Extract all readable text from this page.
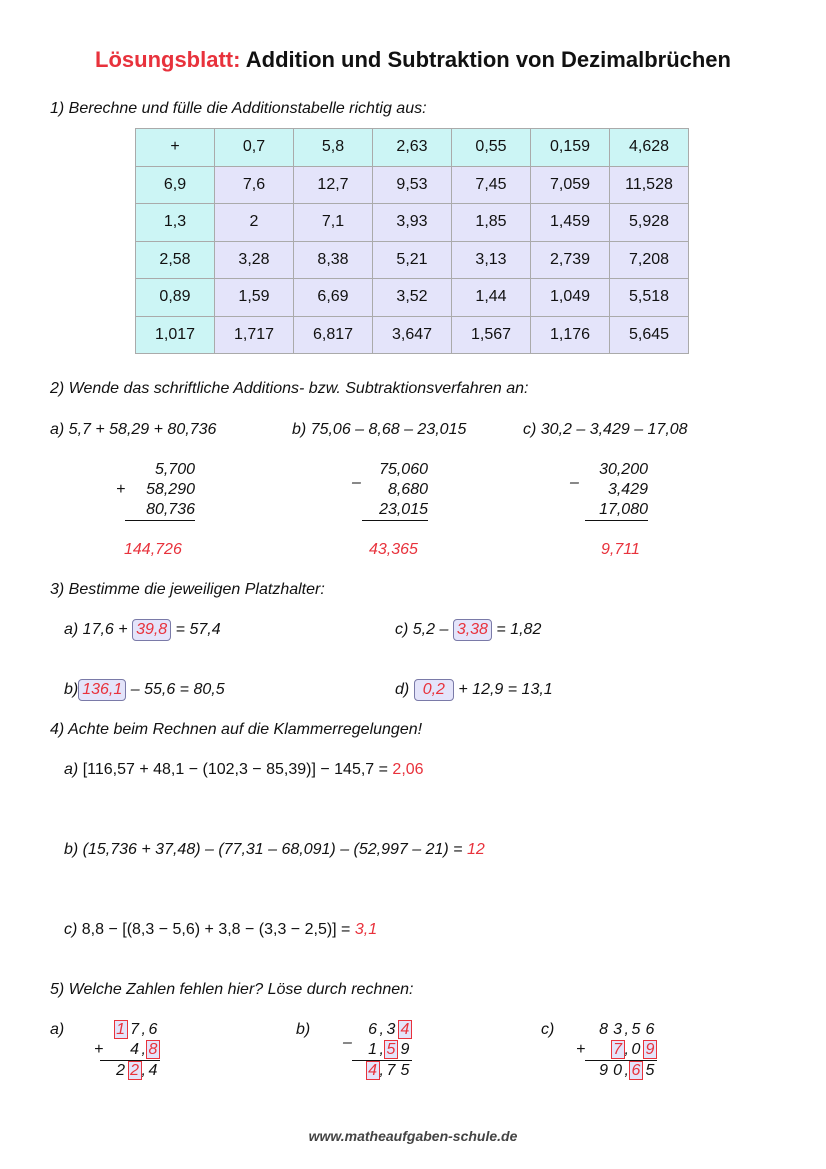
Lösungsblatt: Addition und Subtraktion von Dezimalbrüchen
1) Berechne und fülle die Additionstabelle richtig aus:
+	0,7	5,8	2,63	0,55	0,159	4,628
6,9	7,6	12,7	9,53	7,45	7,059	11,528
1,3	2	7,1	3,93	1,85	1,459	5,928
2,58	3,28	8,38	5,21	3,13	2,739	7,208
0,89	1,59	6,69	3,52	1,44	1,049	5,518
1,017	1,717	6,817	3,647	1,567	1,176	5,645
2) Wende das schriftliche Additions- bzw. Subtraktionsverfahren an:
a) 5,7 + 58,29 + 80,736	b) 75,06 – 8,68 – 23,015	c) 30,2 – 3,429 – 17,08
+
5,700
58,290
80,736
144,726
–
75,060
8,680
23,015
43,365
–
30,200
3,429
17,080
9,711
3) Bestimme die jeweiligen Platzhalter:
a) 17,6 + 39,8 = 57,4	c) 5,2 – 3,38 = 1,82
b) 136,1 – 55,6 = 80,5	d) 0,2 + 12,9 = 13,1
4) Achte beim Rechnen auf die Klammerregelungen!
a) [116,57 + 48,1 − (102,3 − 85,39)] − 145,7 = 2,06
b) (15,736 + 37,48) – (77,31 – 68,091) – (52,997 – 21) = 12
c) 8,8 − [(8,3 − 5,6) + 3,8 − (3,3 − 2,5)] = 3,1
5) Welche Zahlen fehlen hier? Löse durch rechnen:
a)
+
1 7 , 6
4 , 8
2 2 , 4
b)
–
6 , 3 4
1 , 5 9
4 , 7 5
c)
+
8 3 , 5 6
7 , 0 9
9 0 , 6 5
www.matheaufgaben-schule.de
